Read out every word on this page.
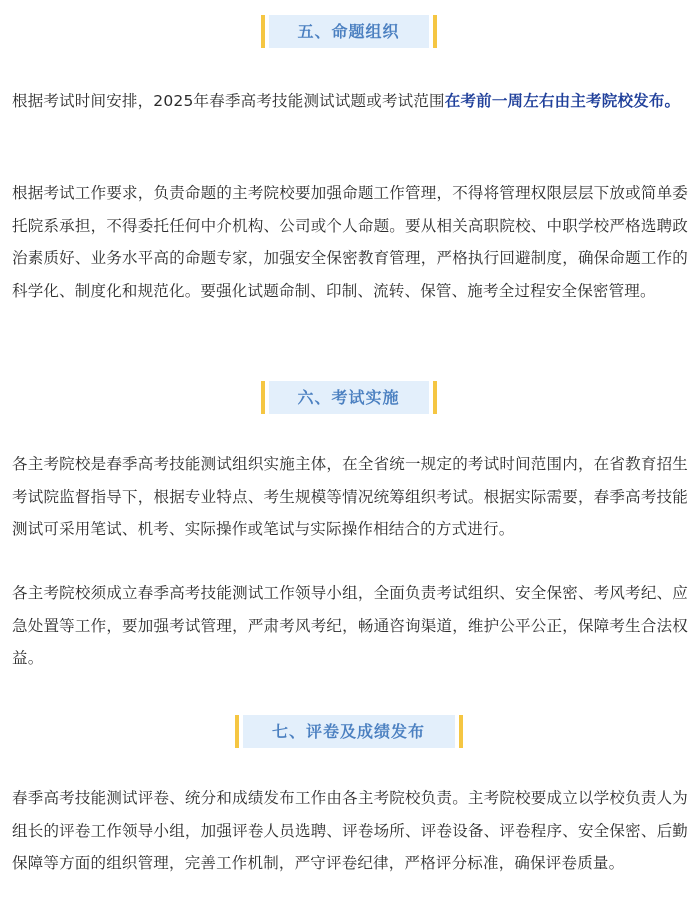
五、命题组织

根据考试时间安排，2025年春季高考技能测试试题或考试范围在考前一周左右由主考院校发布。

根据考试工作要求，负责命题的主考院校要加强命题工作管理，不得将管理权限层层下放或简单委托院系承担，不得委托任何中介机构、公司或个人命题。要从相关高职院校、中职学校严格选聘政治素质好、业务水平高的命题专家，加强安全保密教育管理，严格执行回避制度，确保命题工作的科学化、制度化和规范化。要强化试题命制、印制、流转、保管、施考全过程安全保密管理。

六、考试实施

各主考院校是春季高考技能测试组织实施主体，在全省统一规定的考试时间范围内，在省教育招生考试院监督指导下，根据专业特点、考生规模等情况统筹组织考试。根据实际需要，春季高考技能测试可采用笔试、机考、实际操作或笔试与实际操作相结合的方式进行。

各主考院校须成立春季高考技能测试工作领导小组，全面负责考试组织、安全保密、考风考纪、应急处置等工作，要加强考试管理，严肃考风考纪，畅通咨询渠道，维护公平公正，保障考生合法权益。

七、评卷及成绩发布

春季高考技能测试评卷、统分和成绩发布工作由各主考院校负责。主考院校要成立以学校负责人为组长的评卷工作领导小组，加强评卷人员选聘、评卷场所、评卷设备、评卷程序、安全保密、后勤保障等方面的组织管理，完善工作机制，严守评卷纪律，严格评分标准，确保评卷质量。
